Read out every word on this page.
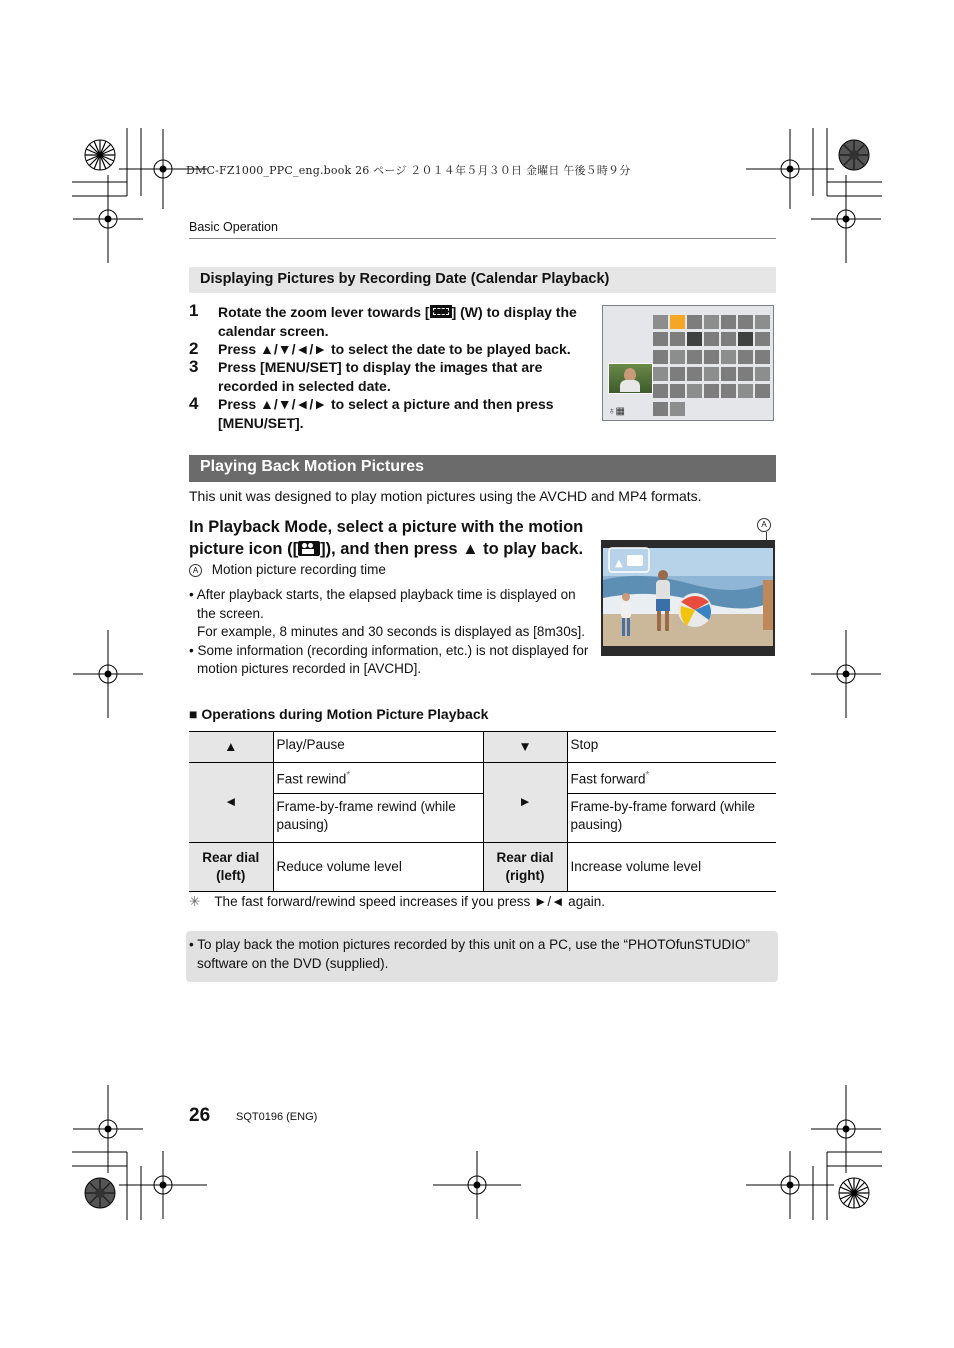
DMC-FZ1000_PPC_eng.book 26 ページ ２０１４年５月３０日 金曜日 午後５時９分
Basic Operation
Displaying Pictures by Recording Date (Calendar Playback)
1 Rotate the zoom lever towards [ ] (W) to display the calendar screen.
2 Press ▲/▼/◄/► to select the date to be played back.
3 Press [MENU/SET] to display the images that are recorded in selected date.
4 Press ▲/▼/◄/► to select a picture and then press [MENU/SET].
♁▦
Playing Back Motion Pictures
This unit was designed to play motion pictures using the AVCHD and MP4 formats.
In Playback Mode, select a picture with the motion picture icon ([ ]), and then press ▲ to play back.
A Motion picture recording time
• After playback starts, the elapsed playback time is displayed on the screen.
For example, 8 minutes and 30 seconds is displayed as [8m30s].
• Some information (recording information, etc.) is not displayed for motion pictures recorded in [AVCHD].
A
▲
■ Operations during Motion Picture Playback
▲	Play/Pause	▼	Stop
◄	Fast rewind*	►	Fast forward*
	Frame-by-frame rewind (while pausing)		Frame-by-frame forward (while pausing)
Rear dial (left)	Reduce volume level	Rear dial (right)	Increase volume level
✳ The fast forward/rewind speed increases if you press ►/◄ again.
• To play back the motion pictures recorded by this unit on a PC, use the “PHOTOfunSTUDIO” software on the DVD (supplied).
26 SQT0196 (ENG)
